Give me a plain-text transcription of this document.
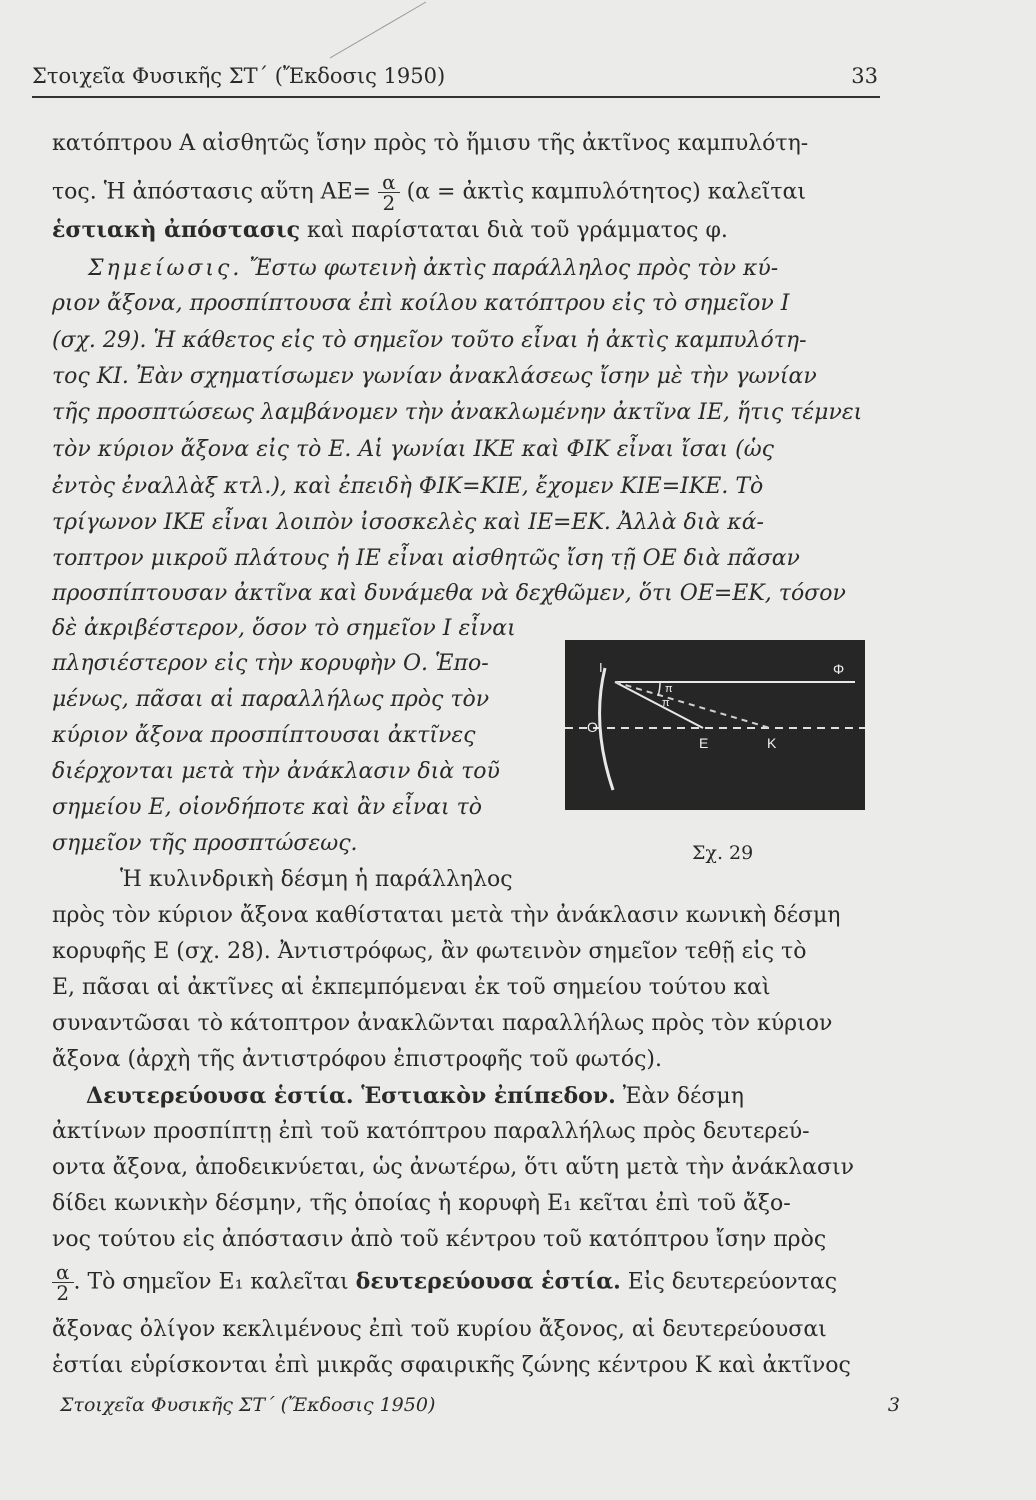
Στοιχεῖα Φυσικῆς ΣΤ΄ (Ἔκδοσις 1950)	33
κατόπτρου Α αἰσθητῶς ἴσην πρὸς τὸ ἥμισυ τῆς ἀκτῖνος καμπυλότη-
τος. Ἡ ἀπόστασις αὕτη $AE= \frac{\alpha}{2} (\alpha$ = ἀκτὶς καμπυλότητος) καλεῖται
ἑστιακὴ ἀπόστασις καὶ παρίσταται διὰ τοῦ γράμματος φ.
Σημείωσις. Ἔστω φωτεινὴ ἀκτὶς παράλληλος πρὸς τὸν κύ-
ριον ἄξονα, προσπίπτουσα ἐπὶ κοίλου κατόπτρου εἰς τὸ σημεῖον Ι
(σχ. 29). Ἡ κάθετος εἰς τὸ σημεῖον τοῦτο εἶναι ἡ ἀκτὶς καμπυλότη-
τος ΚΙ. Ἐὰν σχηματίσωμεν γωνίαν ἀνακλάσεως ἴσην μὲ τὴν γωνίαν
τῆς προσπτώσεως λαμβάνομεν τὴν ἀνακλωμένην ἀκτῖνα ΙΕ, ἥτις τέμνει
τὸν κύριον ἄξονα εἰς τὸ Ε. Αἱ γωνίαι ΙΚΕ καὶ ΦΙΚ εἶναι ἴσαι (ὡς
ἐντὸς ἐναλλὰξ κτλ.), καὶ ἐπειδὴ ΦΙΚ=ΚΙΕ, ἔχομεν ΚΙΕ=ΙΚΕ. Τὸ
τρίγωνον ΙΚΕ εἶναι λοιπὸν ἰσοσκελὲς καὶ ΙΕ=ΕΚ. Ἀλλὰ διὰ κά-
τοπτρον μικροῦ πλάτους ἡ ΙΕ εἶναι αἰσθητῶς ἴση τῇ ΟΕ διὰ πᾶσαν
προσπίπτουσαν ἀκτῖνα καὶ δυνάμεθα νὰ δεχθῶμεν, ὅτι ΟΕ=ΕΚ, τόσον
δὲ ἀκριβέστερον, ὅσον τὸ σημεῖον Ι εἶναι
πλησιέστερον εἰς τὴν κορυφὴν Ο. Ἑπο-
μένως, πᾶσαι αἱ παραλλήλως πρὸς τὸν
κύριον ἄξονα προσπίπτουσαι ἀκτῖνες
διέρχονται μετὰ τὴν ἀνάκλασιν διὰ τοῦ
σημείου Ε, οἱονδήποτε καὶ ἂν εἶναι τὸ
σημεῖον τῆς προσπτώσεως.
Ἡ κυλινδρικὴ δέσμη ἡ παράλληλος
πρὸς τὸν κύριον ἄξονα καθίσταται μετὰ τὴν ἀνάκλασιν κωνικὴ δέσμη
κορυφῆς Ε (σχ. 28). Ἀντιστρόφως, ἂν φωτεινὸν σημεῖον τεθῇ εἰς τὸ
Ε, πᾶσαι αἱ ἀκτῖνες αἱ ἐκπεμπόμεναι ἐκ τοῦ σημείου τούτου καὶ
συναντῶσαι τὸ κάτοπτρον ἀνακλῶνται παραλλήλως πρὸς τὸν κύριον
ἄξονα (ἀρχὴ τῆς ἀντιστρόφου ἐπιστροφῆς τοῦ φωτός).
Δευτερεύουσα ἑστία. Ἑστιακὸν ἐπίπεδον. Ἐὰν δέσμη
ἀκτίνων προσπίπτῃ ἐπὶ τοῦ κατόπτρου παραλλήλως πρὸς δευτερεύ-
οντα ἄξονα, ἀποδεικνύεται, ὡς ἀνωτέρω, ὅτι αὕτη μετὰ τὴν ἀνάκλασιν
δίδει κωνικὴν δέσμην, τῆς ὁποίας ἡ κορυφὴ Ε₁ κεῖται ἐπὶ τοῦ ἄξο-
νος τούτου εἰς ἀπόστασιν ἀπὸ τοῦ κέντρου τοῦ κατόπτρου ἴσην πρὸς
$\frac{\alpha}{2}$ . Τὸ σημεῖον Ε₁ καλεῖται δευτερεύουσα ἑστία. Εἰς δευτερεύοντας
ἄξονας ὀλίγον κεκλιμένους ἐπὶ τοῦ κυρίου ἄξονος, αἱ δευτερεύουσαι
ἑστίαι εὑρίσκονται ἐπὶ μικρᾶς σφαιρικῆς ζώνης κέντρου Κ καὶ ἀκτῖνος
Ι
Ο
Ε	Κ
Φ
π
π
Σχ. 29
Στοιχεῖα Φυσικῆς ΣΤ΄ (Ἔκδοσις 1950)	3
